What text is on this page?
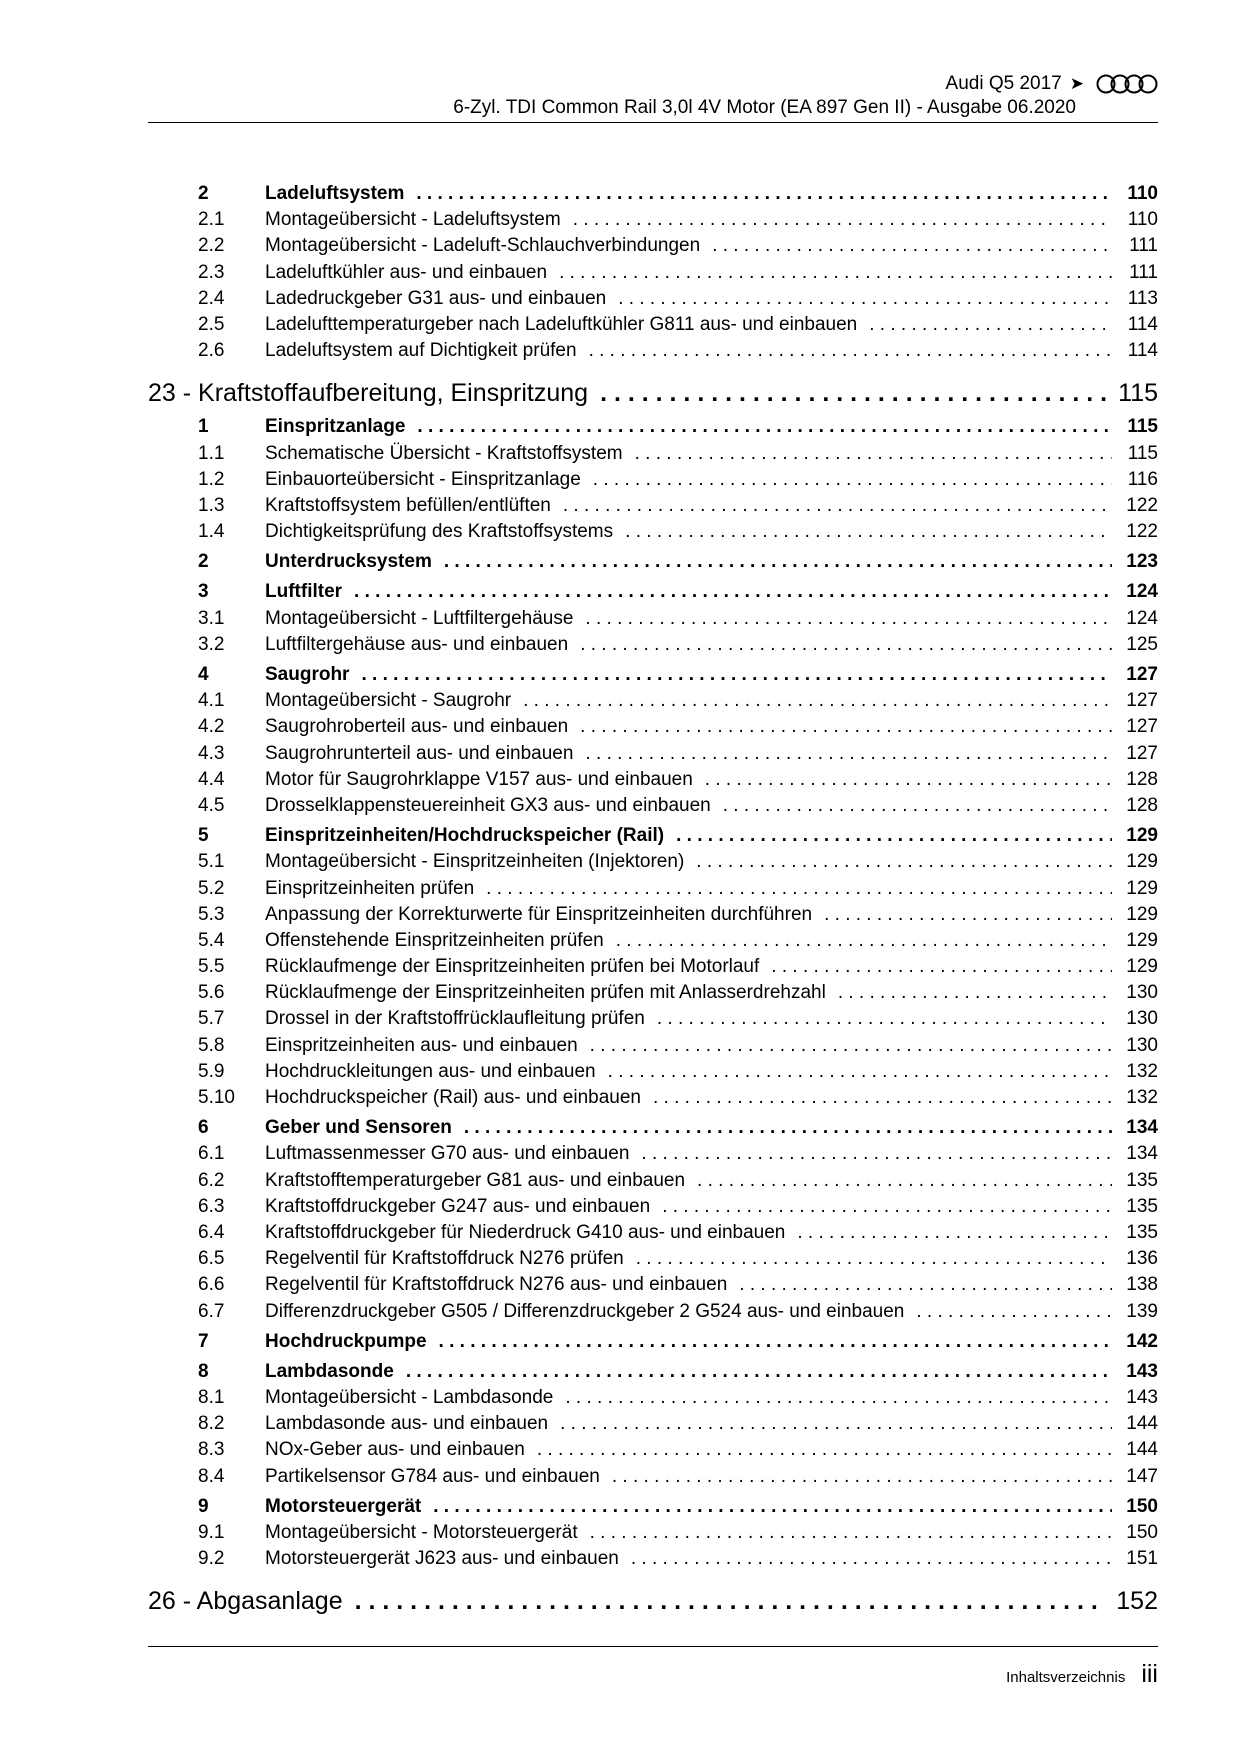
Audi Q5 2017 ➤
6-Zyl. TDI Common Rail 3,0l 4V Motor (EA 897 Gen II) - Ausgabe 06.2020
2	Ladeluftsystem . . .	110
2.1	Montageübersicht - Ladeluftsystem . . .	110
2.2	Montageübersicht - Ladeluft-Schlauchverbindungen . . .	111
2.3	Ladeluftkühler aus- und einbauen . . .	111
2.4	Ladedruckgeber G31 aus- und einbauen . . .	113
2.5	Ladelufttemperaturgeber nach Ladeluftkühler G811 aus- und einbauen . . .	114
2.6	Ladeluftsystem auf Dichtigkeit prüfen . . .	114
23 - Kraftstoffaufbereitung, Einspritzung . . .	115
1	Einspritzanlage . . .	115
1.1	Schematische Übersicht - Kraftstoffsystem . . .	115
1.2	Einbauorteübersicht - Einspritzanlage . . .	116
1.3	Kraftstoffsystem befüllen/entlüften . . .	122
1.4	Dichtigkeitsprüfung des Kraftstoffsystems . . .	122
2	Unterdrucksystem . . .	123
3	Luftfilter . . .	124
3.1	Montageübersicht - Luftfiltergehäuse . . .	124
3.2	Luftfiltergehäuse aus- und einbauen . . .	125
4	Saugrohr . . .	127
4.1	Montageübersicht - Saugrohr . . .	127
4.2	Saugrohroberteil aus- und einbauen . . .	127
4.3	Saugrohrunterteil aus- und einbauen . . .	127
4.4	Motor für Saugrohrklappe V157 aus- und einbauen . . .	128
4.5	Drosselklappensteuereinheit GX3 aus- und einbauen . . .	128
5	Einspritzeinheiten/Hochdruckspeicher (Rail) . . .	129
5.1	Montageübersicht - Einspritzeinheiten (Injektoren) . . .	129
5.2	Einspritzeinheiten prüfen . . .	129
5.3	Anpassung der Korrekturwerte für Einspritzeinheiten durchführen . . .	129
5.4	Offenstehende Einspritzeinheiten prüfen . . .	129
5.5	Rücklaufmenge der Einspritzeinheiten prüfen bei Motorlauf . . .	129
5.6	Rücklaufmenge der Einspritzeinheiten prüfen mit Anlasserdrehzahl . . .	130
5.7	Drossel in der Kraftstoffrücklaufleitung prüfen . . .	130
5.8	Einspritzeinheiten aus- und einbauen . . .	130
5.9	Hochdruckleitungen aus- und einbauen . . .	132
5.10	Hochdruckspeicher (Rail) aus- und einbauen . . .	132
6	Geber und Sensoren . . .	134
6.1	Luftmassenmesser G70 aus- und einbauen . . .	134
6.2	Kraftstofftemperaturgeber G81 aus- und einbauen . . .	135
6.3	Kraftstoffdruckgeber G247 aus- und einbauen . . .	135
6.4	Kraftstoffdruckgeber für Niederdruck G410 aus- und einbauen . . .	135
6.5	Regelventil für Kraftstoffdruck N276 prüfen . . .	136
6.6	Regelventil für Kraftstoffdruck N276 aus- und einbauen . . .	138
6.7	Differenzdruckgeber G505 / Differenzdruckgeber 2 G524 aus- und einbauen . . .	139
7	Hochdruckpumpe . . .	142
8	Lambdasonde . . .	143
8.1	Montageübersicht - Lambdasonde . . .	143
8.2	Lambdasonde aus- und einbauen . . .	144
8.3	NOx-Geber aus- und einbauen . . .	144
8.4	Partikelsensor G784 aus- und einbauen . . .	147
9	Motorsteuergerät . . .	150
9.1	Montageübersicht - Motorsteuergerät . . .	150
9.2	Motorsteuergerät J623 aus- und einbauen . . .	151
26 - Abgasanlage . . .	152
Inhaltsverzeichnis iii
